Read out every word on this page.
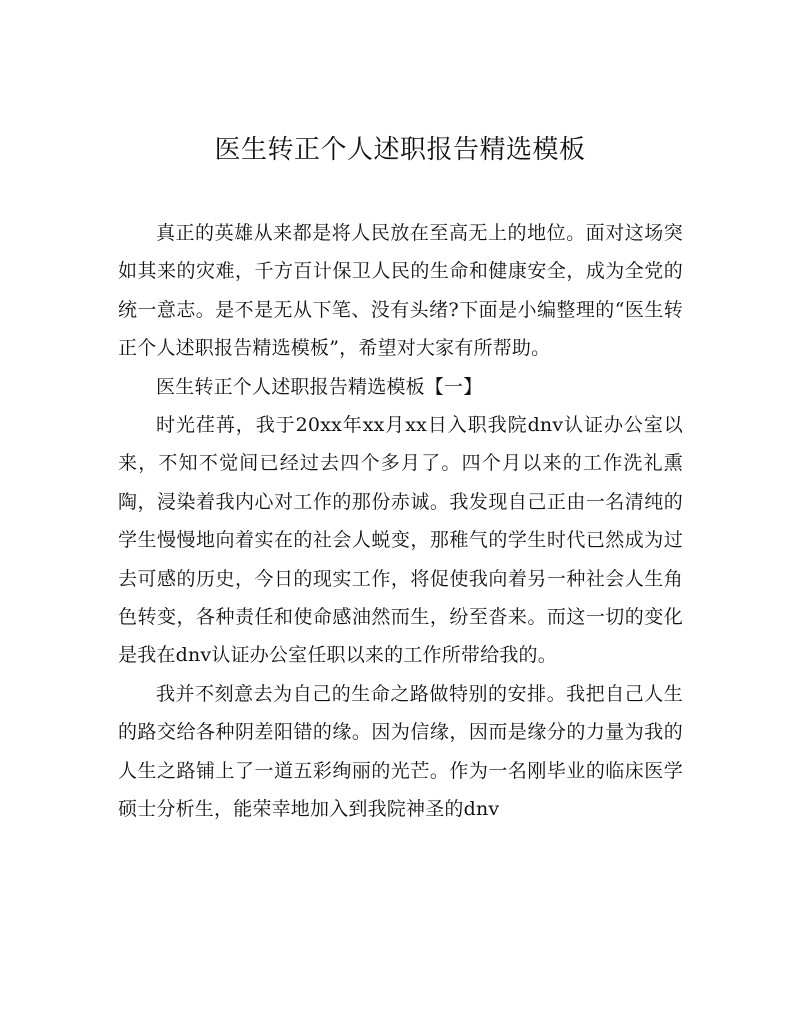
医生转正个人述职报告精选模板

真正的英雄从来都是将人民放在至高无上的地位。面对这场突如其来的灾难，千方百计保卫人民的生命和健康安全，成为全党的统一意志。是不是无从下笔、没有头绪?下面是小编整理的“医生转正个人述职报告精选模板”，希望对大家有所帮助。

医生转正个人述职报告精选模板【一】

时光荏苒，我于20xx年xx月xx日入职我院dnv认证办公室以来，不知不觉间已经过去四个多月了。四个月以来的工作洗礼熏陶，浸染着我内心对工作的那份赤诚。我发现自己正由一名清纯的学生慢慢地向着实在的社会人蜕变，那稚气的学生时代已然成为过去可感的历史，今日的现实工作，将促使我向着另一种社会人生角色转变，各种责任和使命感油然而生，纷至沓来。而这一切的变化是我在dnv认证办公室任职以来的工作所带给我的。

我并不刻意去为自己的生命之路做特别的安排。我把自己人生的路交给各种阴差阳错的缘。因为信缘，因而是缘分的力量为我的人生之路铺上了一道五彩绚丽的光芒。作为一名刚毕业的临床医学硕士分析生，能荣幸地加入到我院神圣的dnv
